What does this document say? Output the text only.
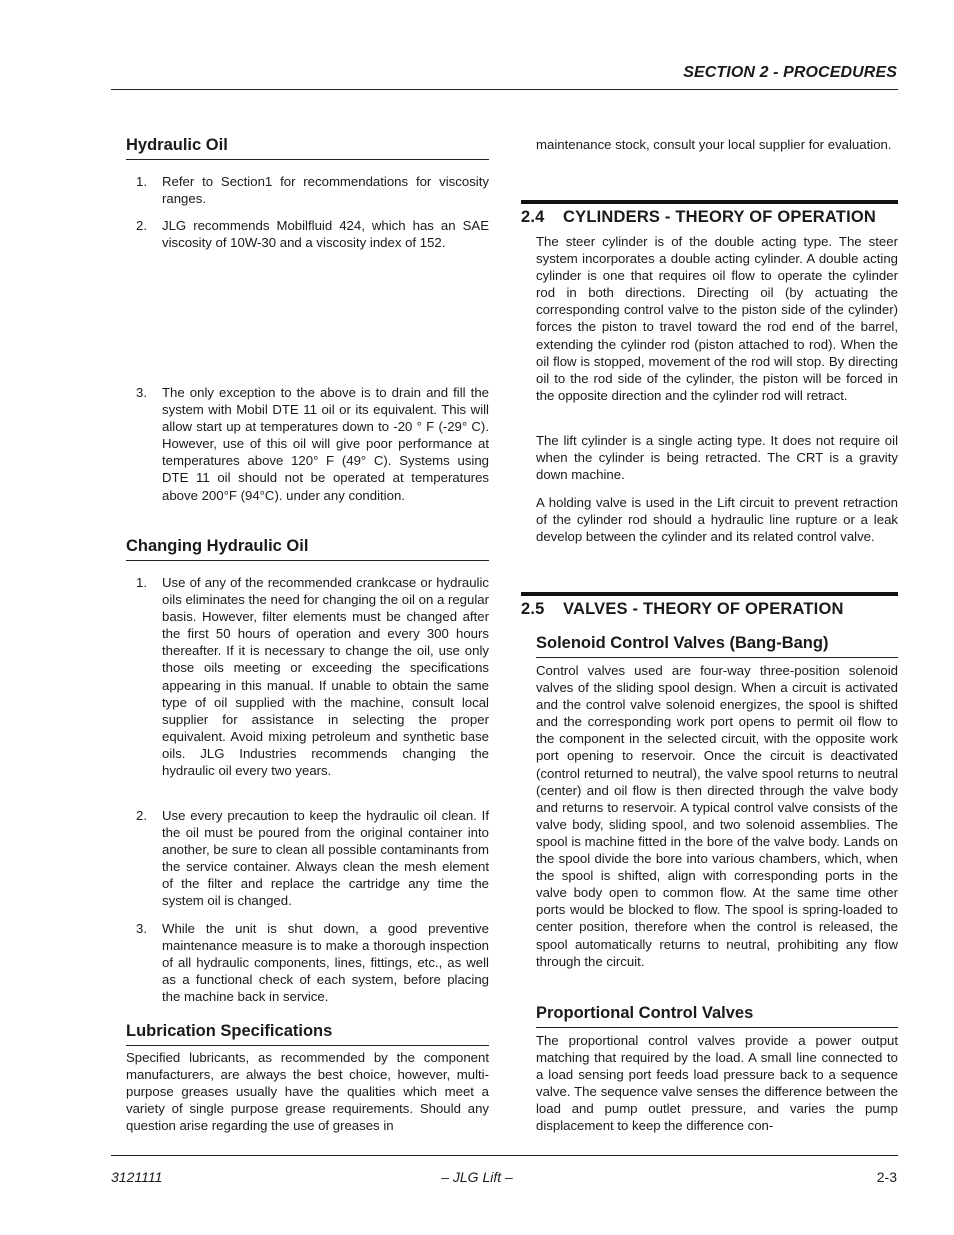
SECTION 2 - PROCEDURES
Hydraulic Oil
1. Refer to Section1 for recommendations for viscosity ranges.
2. JLG recommends Mobilfluid 424, which has an SAE viscosity of 10W-30 and a viscosity index of 152.
3. The only exception to the above is to drain and fill the system with Mobil DTE 11 oil or its equivalent. This will allow start up at temperatures down to -20 ° F (-29° C). However, use of this oil will give poor performance at temperatures above 120° F (49° C). Systems using DTE 11 oil should not be operated at temperatures above 200°F (94°C). under any condition.
Changing Hydraulic Oil
1. Use of any of the recommended crankcase or hydraulic oils eliminates the need for changing the oil on a regular basis. However, filter elements must be changed after the first 50 hours of operation and every 300 hours thereafter. If it is necessary to change the oil, use only those oils meeting or exceeding the specifications appearing in this manual. If unable to obtain the same type of oil supplied with the machine, consult local supplier for assistance in selecting the proper equivalent. Avoid mixing petroleum and synthetic base oils. JLG Industries recommends changing the hydraulic oil every two years.
2. Use every precaution to keep the hydraulic oil clean. If the oil must be poured from the original container into another, be sure to clean all possible contaminants from the service container. Always clean the mesh element of the filter and replace the cartridge any time the system oil is changed.
3. While the unit is shut down, a good preventive maintenance measure is to make a thorough inspection of all hydraulic components, lines, fittings, etc., as well as a functional check of each system, before placing the machine back in service.
Lubrication Specifications
Specified lubricants, as recommended by the component manufacturers, are always the best choice, however, multi-purpose greases usually have the qualities which meet a variety of single purpose grease requirements. Should any question arise regarding the use of greases in
maintenance stock, consult your local supplier for evaluation.
2.4 CYLINDERS - THEORY OF OPERATION
The steer cylinder is of the double acting type. The steer system incorporates a double acting cylinder. A double acting cylinder is one that requires oil flow to operate the cylinder rod in both directions. Directing oil (by actuating the corresponding control valve to the piston side of the cylinder) forces the piston to travel toward the rod end of the barrel, extending the cylinder rod (piston attached to rod). When the oil flow is stopped, movement of the rod will stop. By directing oil to the rod side of the cylinder, the piston will be forced in the opposite direction and the cylinder rod will retract.
The lift cylinder is a single acting type. It does not require oil when the cylinder is being retracted. The CRT is a gravity down machine.
A holding valve is used in the Lift circuit to prevent retraction of the cylinder rod should a hydraulic line rupture or a leak develop between the cylinder and its related control valve.
2.5 VALVES - THEORY OF OPERATION
Solenoid Control Valves (Bang-Bang)
Control valves used are four-way three-position solenoid valves of the sliding spool design. When a circuit is activated and the control valve solenoid energizes, the spool is shifted and the corresponding work port opens to permit oil flow to the component in the selected circuit, with the opposite work port opening to reservoir. Once the circuit is deactivated (control returned to neutral), the valve spool returns to neutral (center) and oil flow is then directed through the valve body and returns to reservoir. A typical control valve consists of the valve body, sliding spool, and two solenoid assemblies. The spool is machine fitted in the bore of the valve body. Lands on the spool divide the bore into various chambers, which, when the spool is shifted, align with corresponding ports in the valve body open to common flow. At the same time other ports would be blocked to flow. The spool is spring-loaded to center position, therefore when the control is released, the spool automatically returns to neutral, prohibiting any flow through the circuit.
Proportional Control Valves
The proportional control valves provide a power output matching that required by the load. A small line connected to a load sensing port feeds load pressure back to a sequence valve. The sequence valve senses the difference between the load and pump outlet pressure, and varies the pump displacement to keep the difference con-
3121111	– JLG Lift –	2-3
